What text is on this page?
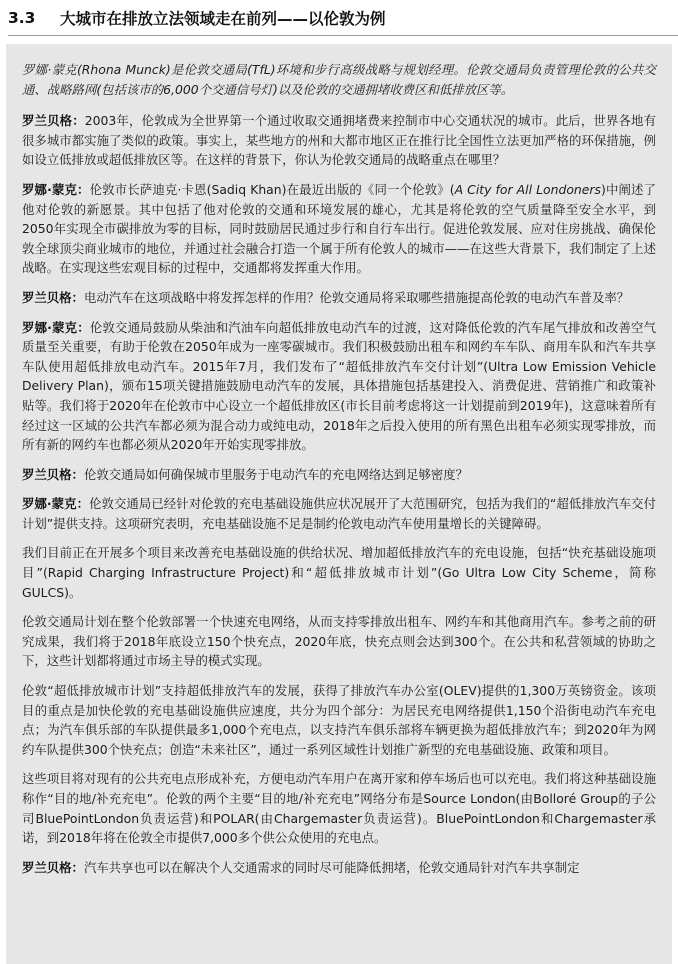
3.3	大城市在排放立法领域走在前列——以伦敦为例

罗娜·蒙克(Rhona Munck)是伦敦交通局(TfL)环境和步行高级战略与规划经理。伦敦交通局负责管理伦敦的公共交通、战略路网(包括该市的6,000个交通信号灯)以及伦敦的交通拥堵收费区和低排放区等。

罗兰贝格：2003年，伦敦成为全世界第一个通过收取交通拥堵费来控制市中心交通状况的城市。此后，世界各地有很多城市都实施了类似的政策。事实上，某些地方的州和大都市地区正在推行比全国性立法更加严格的环保措施，例如设立低排放或超低排放区等。在这样的背景下，你认为伦敦交通局的战略重点在哪里？

罗娜·蒙克：伦敦市长萨迪克·卡恩(Sadiq Khan)在最近出版的《同一个伦敦》(A City for All Londoners)中阐述了他对伦敦的新愿景。其中包括了他对伦敦的交通和环境发展的雄心，尤其是将伦敦的空气质量降至安全水平，到2050年实现全市碳排放为零的目标，同时鼓励居民通过步行和自行车出行。促进伦敦发展、应对住房挑战、确保伦敦全球顶尖商业城市的地位，并通过社会融合打造一个属于所有伦敦人的城市——在这些大背景下，我们制定了上述战略。在实现这些宏观目标的过程中，交通都将发挥重大作用。

罗兰贝格：电动汽车在这项战略中将发挥怎样的作用？伦敦交通局将采取哪些措施提高伦敦的电动汽车普及率？

罗娜·蒙克：伦敦交通局鼓励从柴油和汽油车向超低排放电动汽车的过渡，这对降低伦敦的汽车尾气排放和改善空气质量至关重要，有助于伦敦在2050年成为一座零碳城市。我们积极鼓励出租车和网约车车队、商用车队和汽车共享车队使用超低排放电动汽车。2015年7月，我们发布了“超低排放汽车交付计划”(Ultra Low Emission Vehicle Delivery Plan)，颁布15项关键措施鼓励电动汽车的发展，具体措施包括基建投入、消费促进、营销推广和政策补贴等。我们将于2020年在伦敦市中心设立一个超低排放区(市长目前考虑将这一计划提前到2019年)，这意味着所有经过这一区域的公共汽车都必须为混合动力或纯电动，2018年之后投入使用的所有黑色出租车必须实现零排放，而所有新的网约车也都必须从2020年开始实现零排放。

罗兰贝格：伦敦交通局如何确保城市里服务于电动汽车的充电网络达到足够密度？

罗娜·蒙克：伦敦交通局已经针对伦敦的充电基础设施供应状况展开了大范围研究，包括为我们的“超低排放汽车交付计划”提供支持。这项研究表明，充电基础设施不足是制约伦敦电动汽车使用量增长的关键障碍。

我们目前正在开展多个项目来改善充电基础设施的供给状况、增加超低排放汽车的充电设施，包括“快充基础设施项目”(Rapid Charging Infrastructure Project)和“超低排放城市计划”(Go Ultra Low City Scheme，简称GULCS)。

伦敦交通局计划在整个伦敦部署一个快速充电网络，从而支持零排放出租车、网约车和其他商用汽车。参考之前的研究成果，我们将于2018年底设立150个快充点，2020年底，快充点则会达到300个。在公共和私营领域的协助之下，这些计划都将通过市场主导的模式实现。

伦敦“超低排放城市计划”支持超低排放汽车的发展，获得了排放汽车办公室(OLEV)提供的1,300万英镑资金。该项目的重点是加快伦敦的充电基础设施供应速度，共分为四个部分：为居民充电网络提供1,150个沿街电动汽车充电点；为汽车俱乐部的车队提供最多1,000个充电点，以支持汽车俱乐部将车辆更换为超低排放汽车；到2020年为网约车队提供300个快充点；创造“未来社区”，通过一系列区域性计划推广新型的充电基础设施、政策和项目。

这些项目将对现有的公共充电点形成补充，方便电动汽车用户在离开家和停车场后也可以充电。我们将这种基础设施称作“目的地/补充充电”。伦敦的两个主要“目的地/补充充电”网络分布是Source London(由Bolloré Group的子公司BluePointLondon负责运营)和POLAR(由Chargemaster负责运营)。BluePointLondon和Chargemaster承诺，到2018年将在伦敦全市提供7,000多个供公众使用的充电点。

罗兰贝格：汽车共享也可以在解决个人交通需求的同时尽可能降低拥堵，伦敦交通局针对汽车共享制定
